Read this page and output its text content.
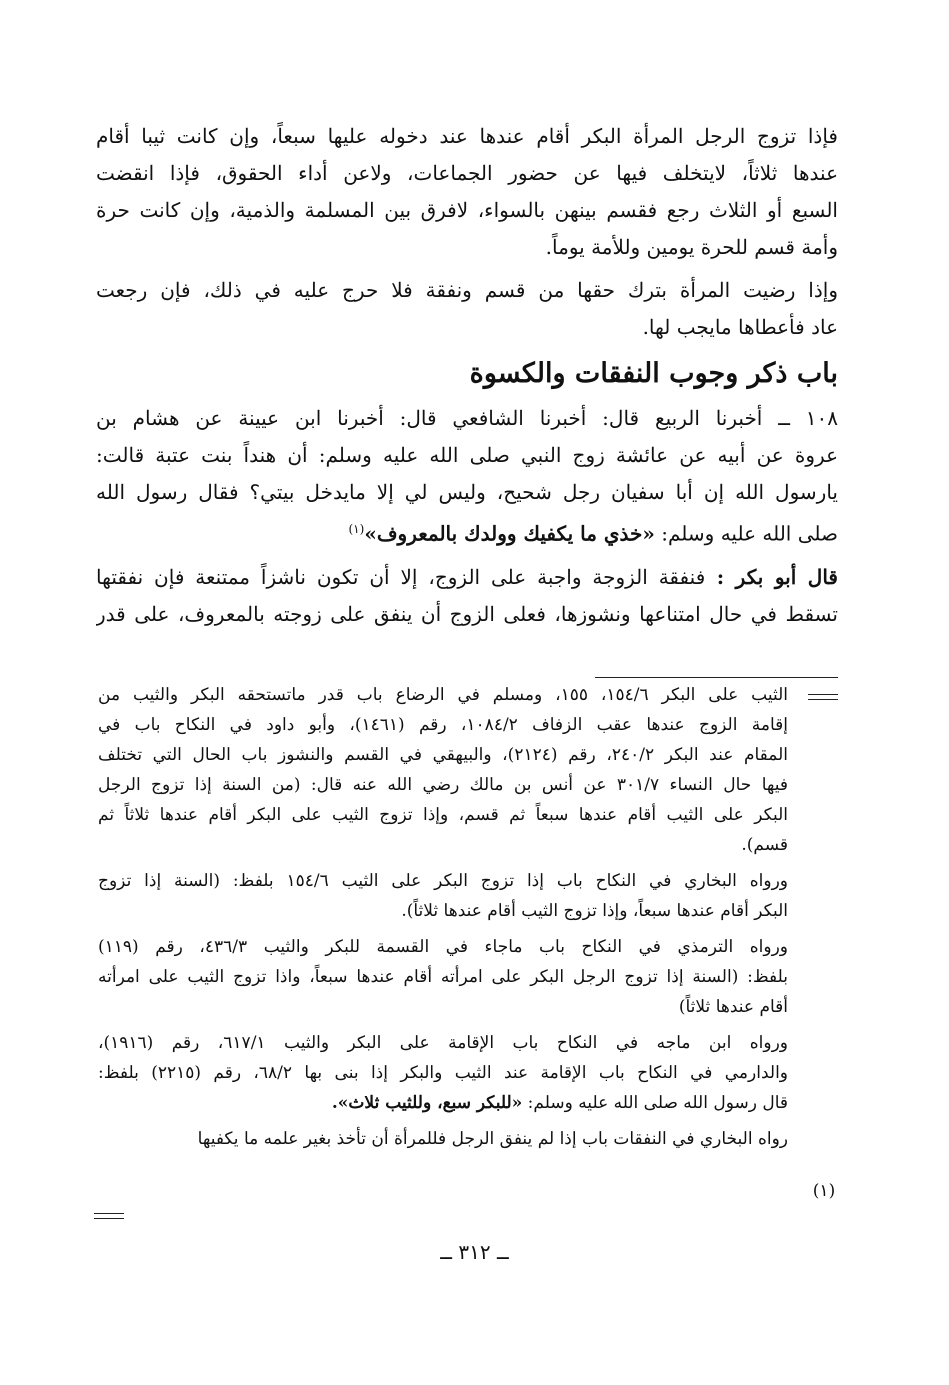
فإذا تزوج الرجل المرأة البكر أقام عندها عند دخوله عليها سبعاً، وإن كانت ثيبا أقام
عندها ثلاثاً، لايتخلف فيها عن حضور الجماعات، ولاعن أداء الحقوق، فإذا انقضت
السبع أو الثلاث رجع فقسم بينهن بالسواء، لافرق بين المسلمة والذمية، وإن كانت حرة
وأمة قسم للحرة يومين وللأمة يوماً.
وإذا رضيت المرأة بترك حقها من قسم ونفقة فلا حرج عليه في ذلك، فإن رجعت
عاد فأعطاها مايجب لها.
باب ذكر وجوب النفقات والكسوة
١٠٨ ــ أخبرنا الربيع قال: أخبرنا الشافعي قال: أخبرنا ابن عيينة عن هشام بن
عروة عن أبيه عن عائشة زوج النبي صلى الله عليه وسلم: أن هنداً بنت عتبة قالت:
يارسول الله إن أبا سفيان رجل شحيح، وليس لي إلا مايدخل بيتي؟ فقال رسول الله
صلى الله عليه وسلم: «خذي ما يكفيك وولدك بالمعروف»$^{(١)}$
قال أبو بكر : فنفقة الزوجة واجبة على الزوج، إلا أن تكون ناشزاً ممتنعة فإن نفقتها
تسقط في حال امتناعها ونشوزها، فعلى الزوج أن ينفق على زوجته بالمعروف، على قدر
الثيب على البكر ١٥٤/٦، ١٥٥، ومسلم في الرضاع باب قدر ماتستحقه البكر والثيب من
إقامة الزوج عندها عقب الزفاف ١٠٨٤/٢، رقم (١٤٦١)، وأبو داود في النكاح باب في
المقام عند البكر ٢٤٠/٢، رقم (٢١٢٤)، والبيهقي في القسم والنشوز باب الحال التي تختلف
فيها حال النساء ٣٠١/٧ عن أنس بن مالك رضي الله عنه قال: (من السنة إذا تزوج الرجل
البكر على الثيب أقام عندها سبعاً ثم قسم، وإذا تزوج الثيب على البكر أقام عندها ثلاثاً ثم
قسم).
ورواه البخاري في النكاح باب إذا تزوج البكر على الثيب ١٥٤/٦ بلفظ: (السنة إذا تزوج
البكر أقام عندها سبعاً، وإذا تزوج الثيب أقام عندها ثلاثاً).
ورواه الترمذي في النكاح باب ماجاء في القسمة للبكر والثيب ٤٣٦/٣، رقم (١١٩)
بلفظ: (السنة إذا تزوج الرجل البكر على امرأته أقام عندها سبعاً، واذا تزوج الثيب على امرأته
أقام عندها ثلاثاً)
ورواه ابن ماجه في النكاح باب الإقامة على البكر والثيب ٦١٧/١، رقم (١٩١٦)،
والدارمي في النكاح باب الإقامة عند الثيب والبكر إذا بنى بها ٦٨/٢، رقم (٢٢١٥) بلفظ:
قال رسول الله صلى الله عليه وسلم: «للبكر سبع، وللثيب ثلاث».
رواه البخاري في النفقات باب إذا لم ينفق الرجل فللمرأة أن تأخذ بغير علمه ما يكفيها
(١)
ــ ٣١٢ ــ
